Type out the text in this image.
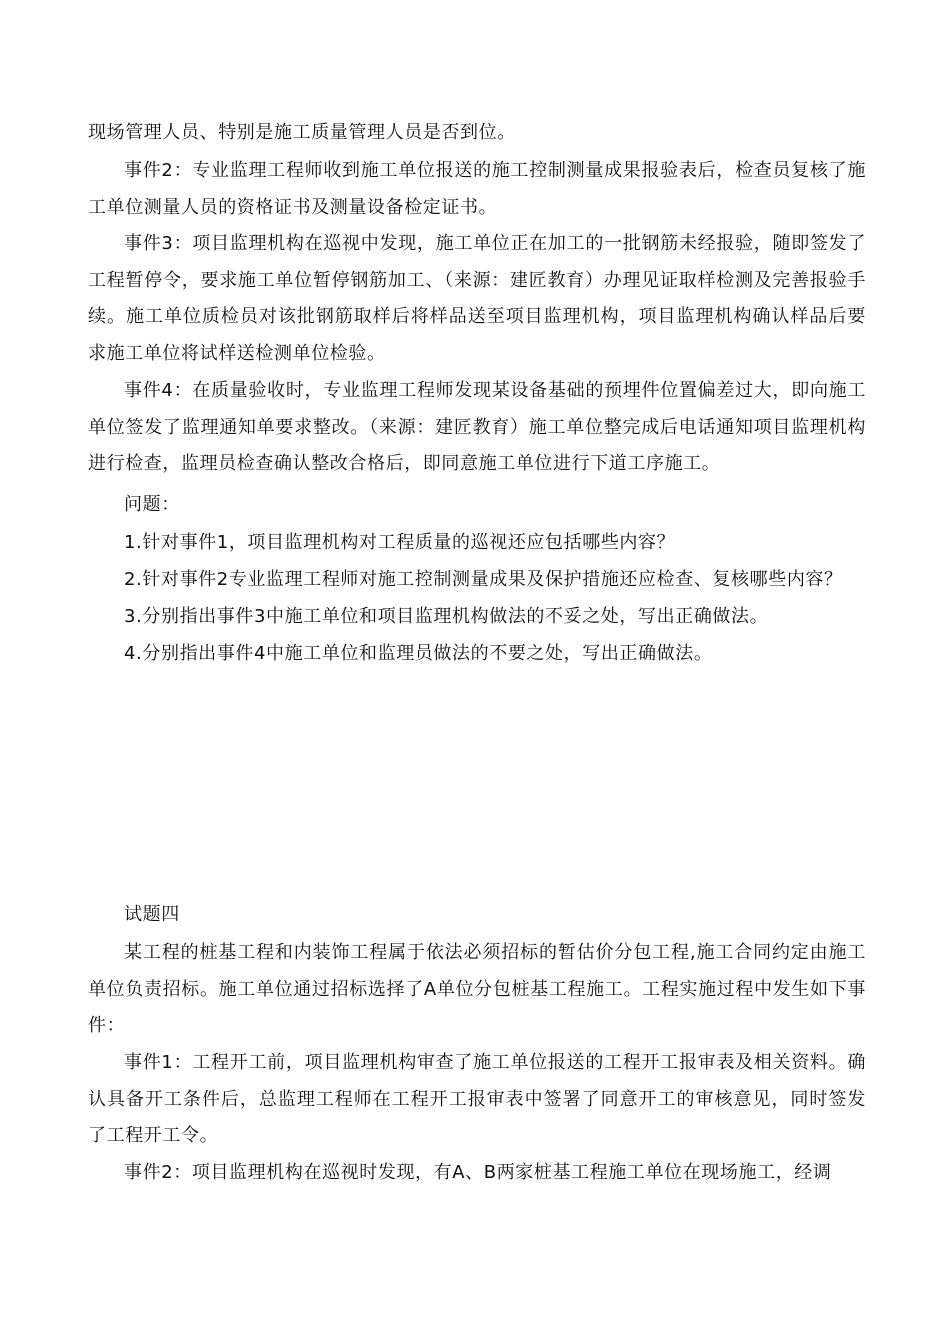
现场管理人员、特别是施工质量管理人员是否到位。

事件2：专业监理工程师收到施工单位报送的施工控制测量成果报验表后，检查员复核了施工单位测量人员的资格证书及测量设备检定证书。

事件3：项目监理机构在巡视中发现，施工单位正在加工的一批钢筋未经报验，随即签发了工程暂停令，要求施工单位暂停钢筋加工、（来源：建匠教育）办理见证取样检测及完善报验手续。施工单位质检员对该批钢筋取样后将样品送至项目监理机构，项目监理机构确认样品后要求施工单位将试样送检测单位检验。

事件4：在质量验收时，专业监理工程师发现某设备基础的预埋件位置偏差过大，即向施工单位签发了监理通知单要求整改。（来源：建匠教育）施工单位整完成后电话通知项目监理机构进行检查，监理员检查确认整改合格后，即同意施工单位进行下道工序施工。

问题：

1.针对事件1，项目监理机构对工程质量的巡视还应包括哪些内容？

2.针对事件2专业监理工程师对施工控制测量成果及保护措施还应检查、复核哪些内容？

3.分别指出事件3中施工单位和项目监理机构做法的不妥之处，写出正确做法。

4.分别指出事件4中施工单位和监理员做法的不要之处，写出正确做法。

试题四

某工程的桩基工程和内装饰工程属于依法必须招标的暂估价分包工程,施工合同约定由施工单位负责招标。施工单位通过招标选择了A单位分包桩基工程施工。工程实施过程中发生如下事件：

事件1：工程开工前，项目监理机构审查了施工单位报送的工程开工报审表及相关资料。确认具备开工条件后，总监理工程师在工程开工报审表中签署了同意开工的审核意见，同时签发了工程开工令。

事件2：项目监理机构在巡视时发现，有A、B两家桩基工程施工单位在现场施工，经调
